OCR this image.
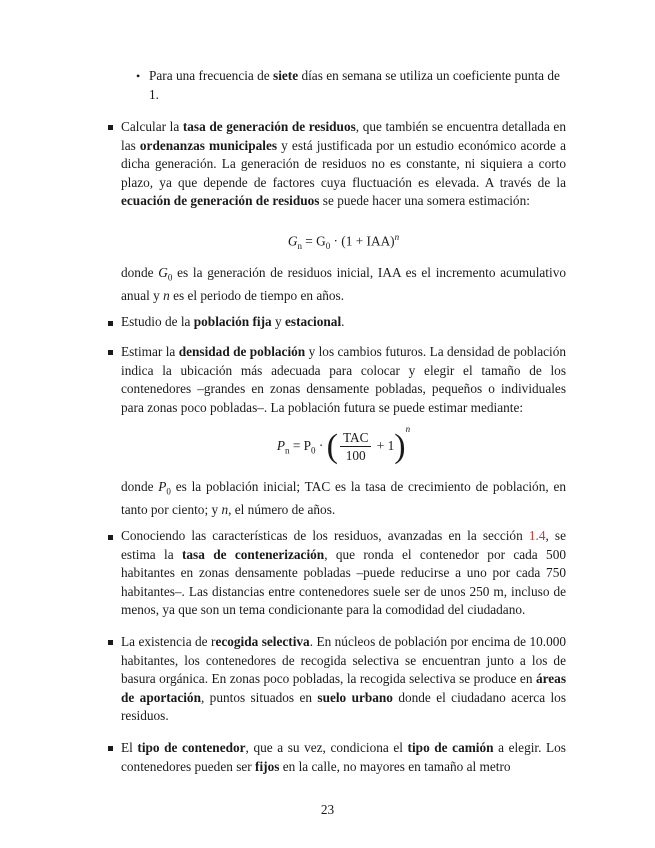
• Para una frecuencia de siete días en semana se utiliza un coeficiente punta de 1.

Calcular la tasa de generación de residuos, que también se encuentra detallada en las ordenanzas municipales y está justificada por un estudio económico acorde a dicha generación. La generación de residuos no es constante, ni siquiera a corto plazo, ya que depende de factores cuya fluctuación es elevada. A través de la ecuación de generación de residuos se puede hacer una somera estimación:

$G_n = G_0 \cdot (1 + IAA)^n$

donde $G_0$ es la generación de residuos inicial, IAA es el incremento acumulativo anual y n es el periodo de tiempo en años.

Estudio de la población fija y estacional.

Estimar la densidad de población y los cambios futuros. La densidad de población indica la ubicación más adecuada para colocar y elegir el tamaño de los contenedores –grandes en zonas densamente pobladas, pequeños o individuales para zonas poco pobladas–. La población futura se puede estimar mediante:

$P_n = P_0$ · ( $\frac{\text{TAC}}{100} + 1)^n$

donde $P_0$ es la población inicial; TAC es la tasa de crecimiento de población, en tanto por ciento; y n, el número de años.

Conociendo las características de los residuos, avanzadas en la sección 1.4, se estima la tasa de contenerización, que ronda el contenedor por cada 500 habitantes en zonas densamente pobladas –puede reducirse a uno por cada 750 habitantes–. Las distancias entre contenedores suele ser de unos 250 m, incluso de menos, ya que son un tema condicionante para la comodidad del ciudadano.

La existencia de recogida selectiva. En núcleos de población por encima de 10.000 habitantes, los contenedores de recogida selectiva se encuentran junto a los de basura orgánica. En zonas poco pobladas, la recogida selectiva se produce en áreas de aportación, puntos situados en suelo urbano donde el ciudadano acerca los residuos.

El tipo de contenedor, que a su vez, condiciona el tipo de camión a elegir. Los contenedores pueden ser fijos en la calle, no mayores en tamaño al metro

23
